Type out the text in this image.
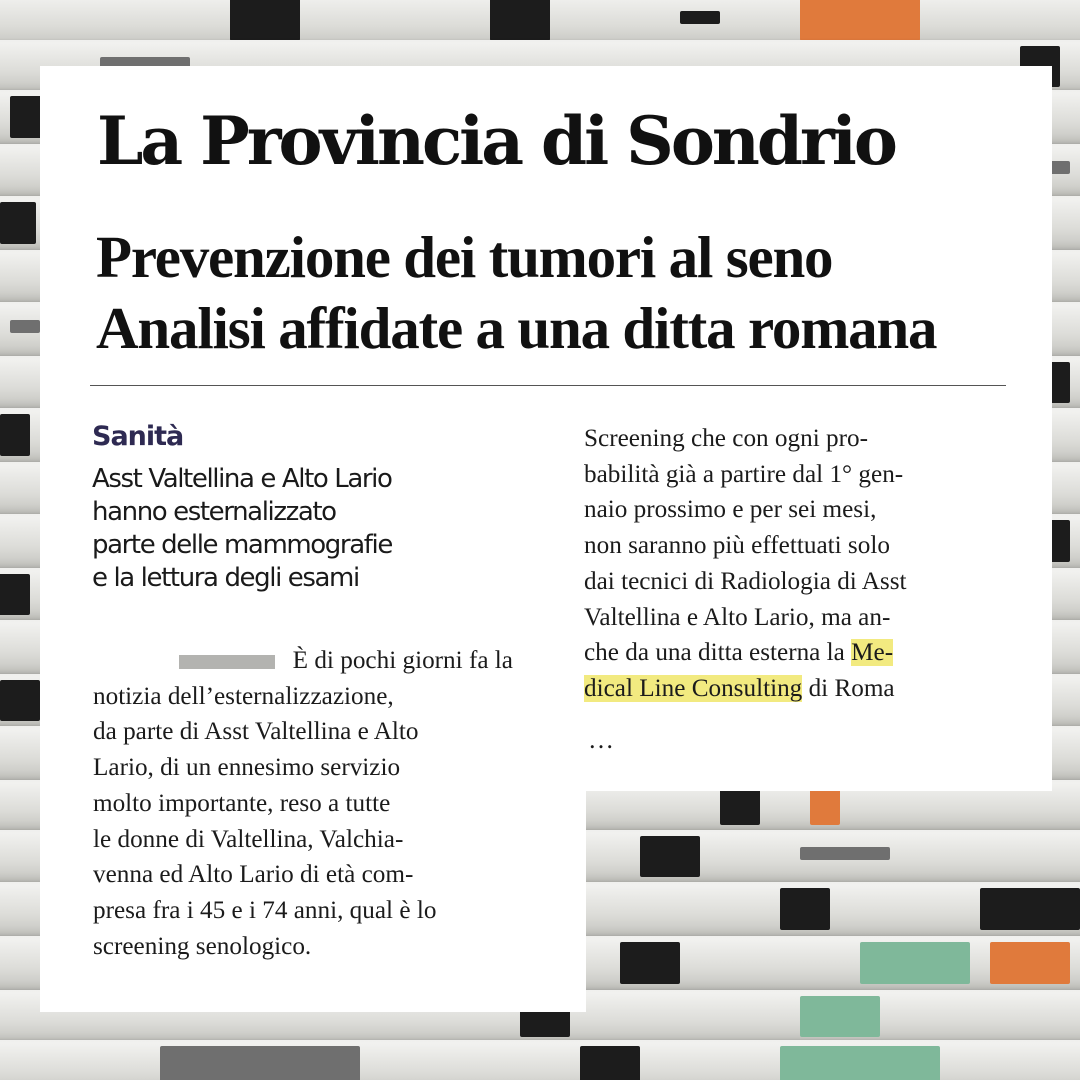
La Provincia di Sondrio
Prevenzione dei tumori al seno
Analisi affidate a una ditta romana
Sanità
Asst Valtellina e Alto Lario
hanno esternalizzato
parte delle mammografie
e la lettura degli esami
È di pochi giorni fa la
notizia dell’esternalizzazione,
da parte di Asst Valtellina e Alto
Lario, di un ennesimo servizio
molto importante, reso a tutte
le donne di Valtellina, Valchia-
venna ed Alto Lario di età com-
presa fra i 45 e i 74 anni, qual è lo
screening senologico.
Screening che con ogni pro-
babilità già a partire dal 1° gen-
naio prossimo e per sei mesi,
non saranno più effettuati solo
dai tecnici di Radiologia di Asst
Valtellina e Alto Lario, ma an-
che da una ditta esterna la Me-
dical Line Consulting di Roma
…
